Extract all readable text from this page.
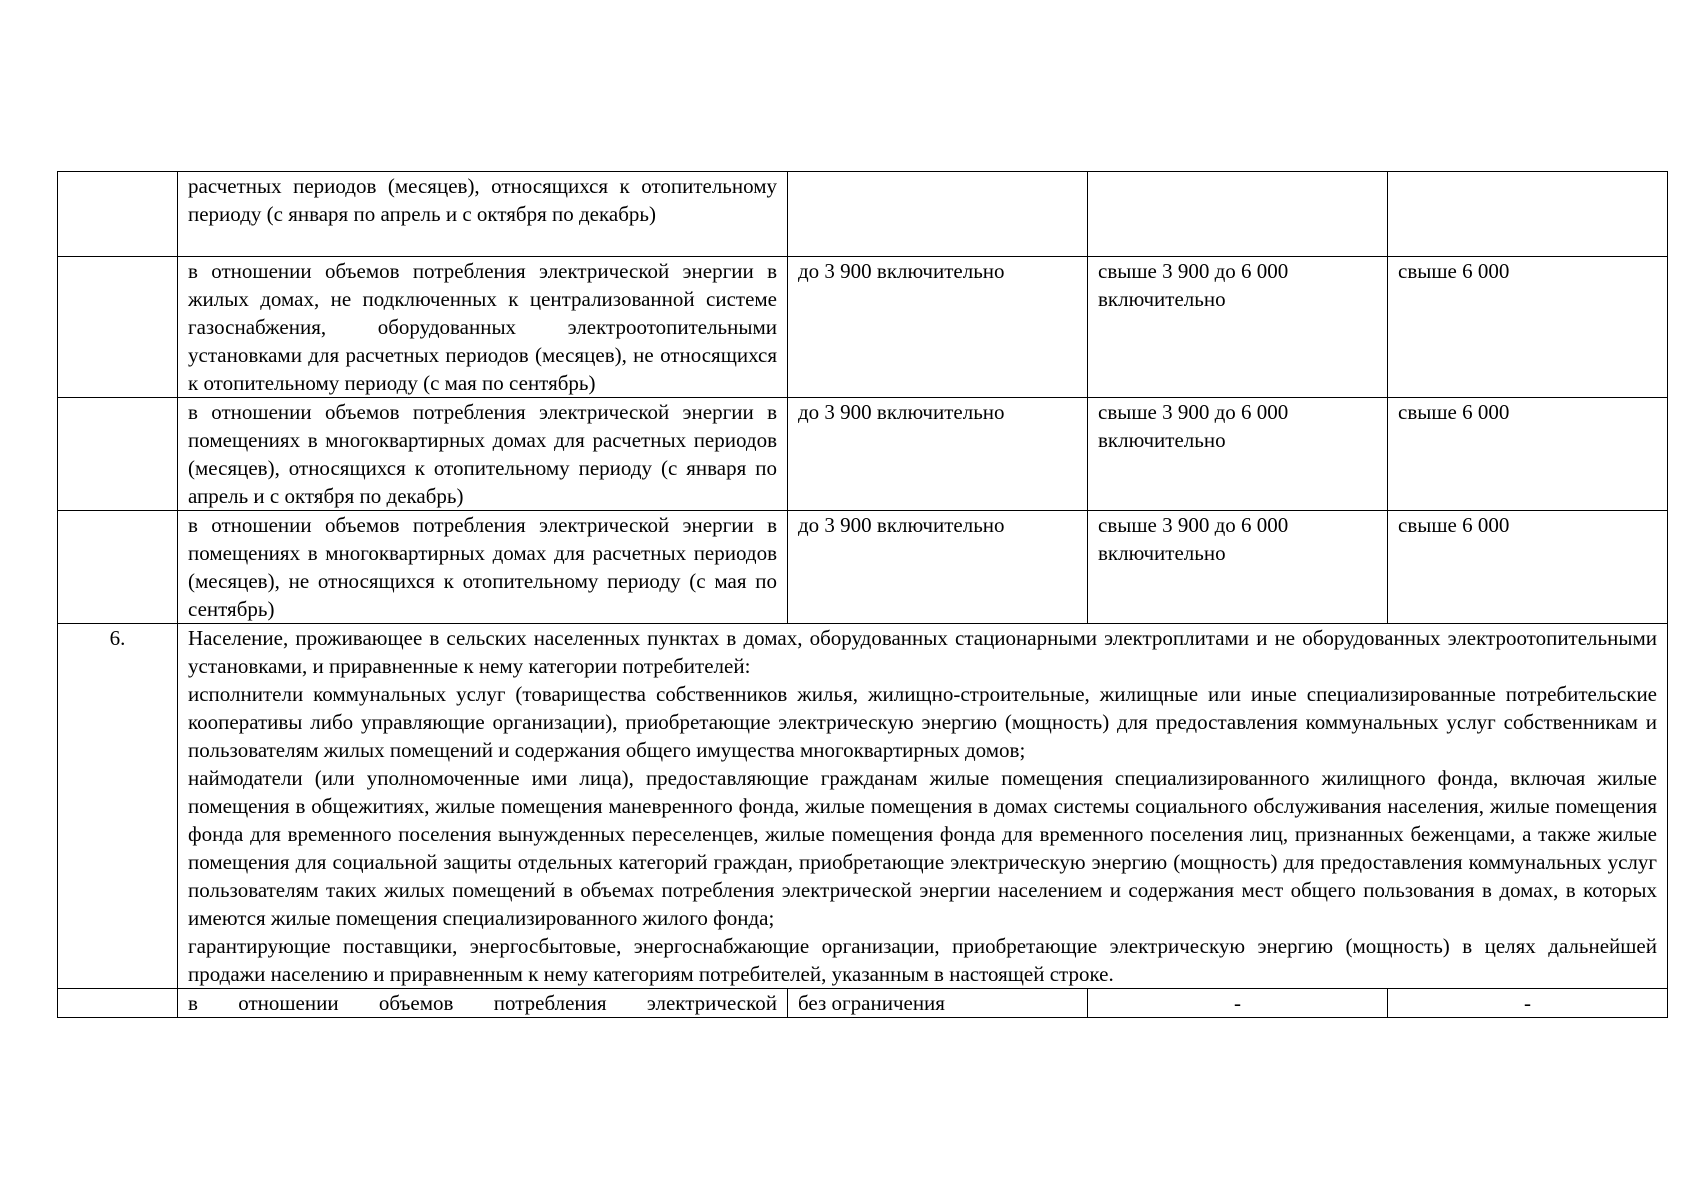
	расчетных периодов (месяцев), относящихся к отопительному периоду (с января по апрель и с октября по декабрь)			
	в отношении объемов потребления электрической энергии в жилых домах, не подключенных к централизованной системе газоснабжения, оборудованных электроотопительными установками для расчетных периодов (месяцев), не относящихся к отопительному периоду (с мая по сентябрь)	до 3 900 включительно	свыше 3 900 до 6 000 включительно	свыше 6 000
	в отношении объемов потребления электрической энергии в помещениях в многоквартирных домах для расчетных периодов (месяцев), относящихся к отопительному периоду (с января по апрель и с октября по декабрь)	до 3 900 включительно	свыше 3 900 до 6 000 включительно	свыше 6 000
	в отношении объемов потребления электрической энергии в помещениях в многоквартирных домах для расчетных периодов (месяцев), не относящихся к отопительному периоду (с мая по сентябрь)	до 3 900 включительно	свыше 3 900 до 6 000 включительно	свыше 6 000
6.	Население, проживающее в сельских населенных пунктах в домах, оборудованных стационарными электроплитами и не оборудованных электроотопительными установками, и приравненные к нему категории потребителей:
исполнители коммунальных услуг (товарищества собственников жилья, жилищно-строительные, жилищные или иные специализированные потребительские кооперативы либо управляющие организации), приобретающие электрическую энергию (мощность) для предоставления коммунальных услуг собственникам и пользователям жилых помещений и содержания общего имущества многоквартирных домов;
наймодатели (или уполномоченные ими лица), предоставляющие гражданам жилые помещения специализированного жилищного фонда, включая жилые помещения в общежитиях, жилые помещения маневренного фонда, жилые помещения в домах системы социального обслуживания населения, жилые помещения фонда для временного поселения вынужденных переселенцев, жилые помещения фонда для временного поселения лиц, признанных беженцами, а также жилые помещения для социальной защиты отдельных категорий граждан, приобретающие электрическую энергию (мощность) для предоставления коммунальных услуг пользователям таких жилых помещений в объемах потребления электрической энергии населением и содержания мест общего пользования в домах, в которых имеются жилые помещения специализированного жилого фонда;
гарантирующие поставщики, энергосбытовые, энергоснабжающие организации, приобретающие электрическую энергию (мощность) в целях дальнейшей продажи населению и приравненным к нему категориям потребителей, указанным в настоящей строке.			

	в отношении объемов потребления электрической	без ограничения	-	-
